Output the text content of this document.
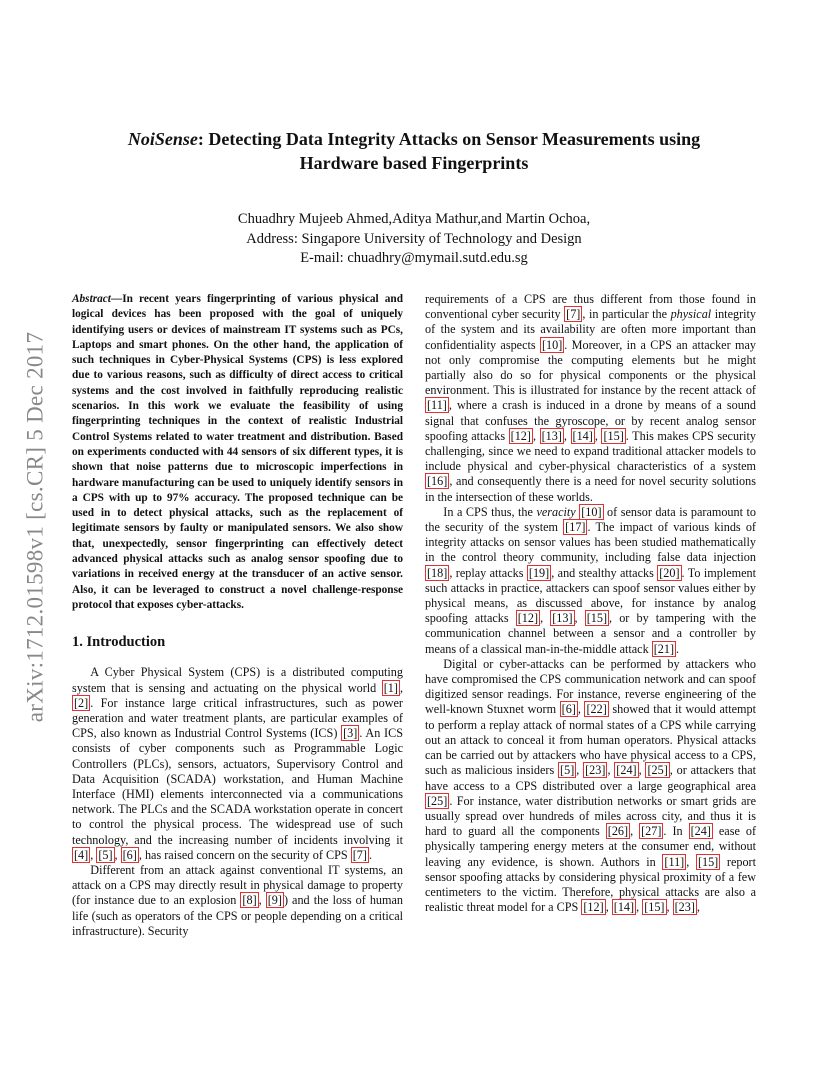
arXiv:1712.01598v1 [cs.CR] 5 Dec 2017
NoiSense: Detecting Data Integrity Attacks on Sensor Measurements using
Hardware based Fingerprints
Chuadhry Mujeeb Ahmed,Aditya Mathur,and Martin Ochoa,
Address: Singapore University of Technology and Design
E-mail: chuadhry@mymail.sutd.edu.sg

Abstract—In recent years fingerprinting of various physical and logical devices has been proposed with the goal of uniquely identifying users or devices of mainstream IT systems such as PCs, Laptops and smart phones. On the other hand, the application of such techniques in Cyber-Physical Systems (CPS) is less explored due to various reasons, such as difficulty of direct access to critical systems and the cost involved in faithfully reproducing realistic scenarios. In this work we evaluate the feasibility of using fingerprinting techniques in the context of realistic Industrial Control Systems related to water treatment and distribution. Based on experiments conducted with 44 sensors of six different types, it is shown that noise patterns due to microscopic imperfections in hardware manufacturing can be used to uniquely identify sensors in a CPS with up to 97% accuracy. The proposed technique can be used in to detect physical attacks, such as the replacement of legitimate sensors by faulty or manipulated sensors. We also show that, unexpectedly, sensor fingerprinting can effectively detect advanced physical attacks such as analog sensor spoofing due to variations in received energy at the transducer of an active sensor. Also, it can be leveraged to construct a novel challenge-response protocol that exposes cyber-attacks.

1. Introduction

A Cyber Physical System (CPS) is a distributed computing system that is sensing and actuating on the physical world [1] , [2] . For instance large critical infrastructures, such as power generation and water treatment plants, are particular examples of CPS, also known as Industrial Control Systems (ICS) [3] . An ICS consists of cyber components such as Programmable Logic Controllers (PLCs), sensors, actuators, Supervisory Control and Data Acquisition (SCADA) workstation, and Human Machine Interface (HMI) elements interconnected via a communications network. The PLCs and the SCADA workstation operate in concert to control the physical process. The widespread use of such technology, and the increasing number of incidents involving it [4] , [5] , [6] , has raised concern on the security of CPS [7] .

Different from an attack against conventional IT systems, an attack on a CPS may directly result in physical damage to property (for instance due to an explosion [8] , [9] ) and the loss of human life (such as operators of the CPS or people depending on a critical infrastructure). Security

requirements of a CPS are thus different from those found in conventional cyber security [7] , in particular the physical integrity of the system and its availability are often more important than confidentiality aspects [10] . Moreover, in a CPS an attacker may not only compromise the computing elements but he might partially also do so for physical components or the physical environment. This is illustrated for instance by the recent attack of [11] , where a crash is induced in a drone by means of a sound signal that confuses the gyroscope, or by recent analog sensor spoofing attacks [12] , [13] , [14] , [15] . This makes CPS security challenging, since we need to expand traditional attacker models to include physical and cyber-physical characteristics of a system [16] , and consequently there is a need for novel security solutions in the intersection of these worlds.

In a CPS thus, the veracity [10] of sensor data is paramount to the security of the system [17] . The impact of various kinds of integrity attacks on sensor values has been studied mathematically in the control theory community, including false data injection [18] , replay attacks [19] , and stealthy attacks [20] . To implement such attacks in practice, attackers can spoof sensor values either by physical means, as discussed above, for instance by analog spoofing attacks [12] , [13] , [15] , or by tampering with the communication channel between a sensor and a controller by means of a classical man-in-the-middle attack [21] .

Digital or cyber-attacks can be performed by attackers who have compromised the CPS communication network and can spoof digitized sensor readings. For instance, reverse engineering of the well-known Stuxnet worm [6] , [22] showed that it would attempt to perform a replay attack of normal states of a CPS while carrying out an attack to conceal it from human operators. Physical attacks can be carried out by attackers who have physical access to a CPS, such as malicious insiders [5] , [23] , [24] , [25] , or attackers that have access to a CPS distributed over a large geographical area [25] . For instance, water distribution networks or smart grids are usually spread over hundreds of miles across city, and thus it is hard to guard all the components [26] , [27] . In [24] ease of physically tampering energy meters at the consumer end, without leaving any evidence, is shown. Authors in [11] , [15] report sensor spoofing attacks by considering physical proximity of a few centimeters to the victim. Therefore, physical attacks are also a realistic threat model for a CPS [12] , [14] , [15] , [23] ,
